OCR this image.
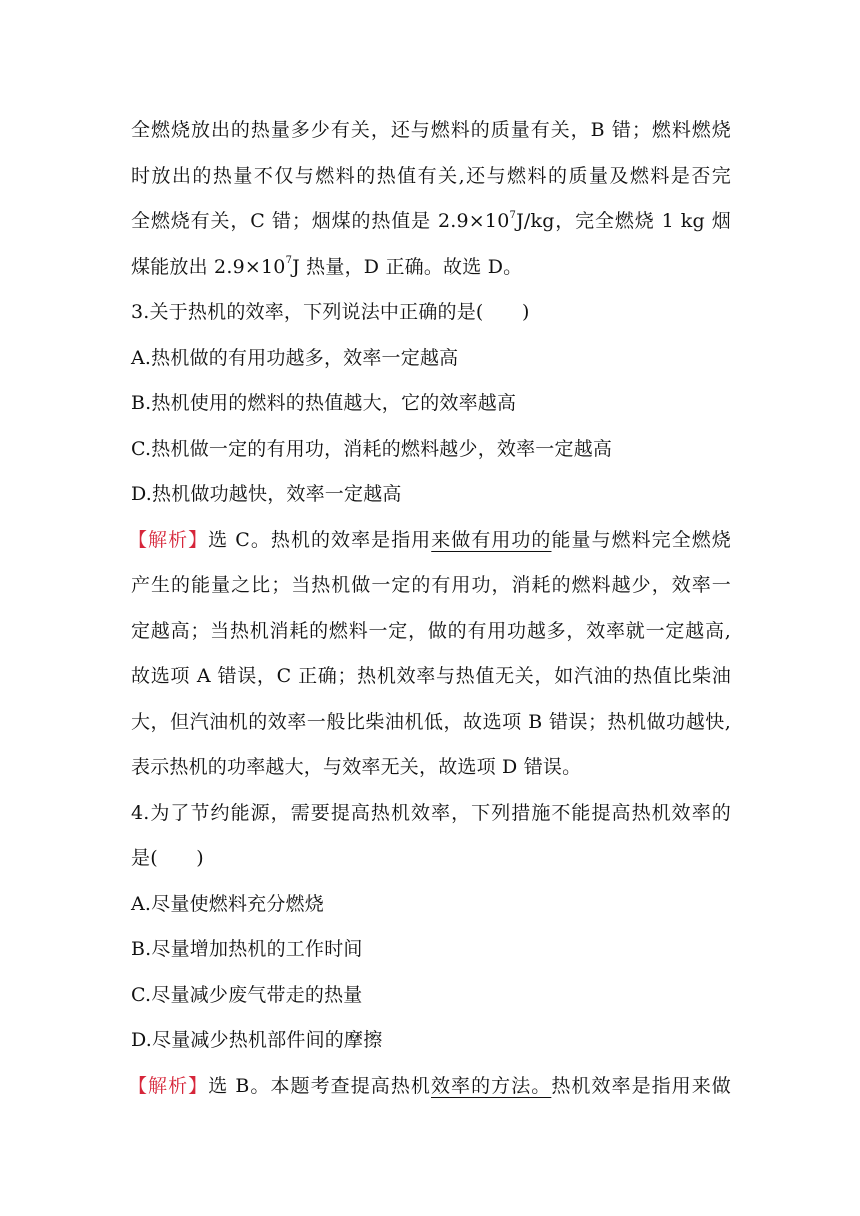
全燃烧放出的热量多少有关，还与燃料的质量有关，B 错；燃料燃烧
时放出的热量不仅与燃料的热值有关,还与燃料的质量及燃料是否完
全燃烧有关，C 错；烟煤的热值是 $2.9\times 10^7J/kg$，完全燃烧 1 kg 烟
煤能放出 $2.9\times 10^7J$ 热量，D 正确。故选 D。
3.关于热机的效率，下列说法中正确的是(　　)
A.热机做的有用功越多，效率一定越高
B.热机使用的燃料的热值越大，它的效率越高
C.热机做一定的有用功，消耗的燃料越少，效率一定越高
D.热机做功越快，效率一定越高
【解析】选 C。热机的效率是指用来做有用功的能量与燃料完全燃烧
产生的能量之比；当热机做一定的有用功，消耗的燃料越少，效率一
定越高；当热机消耗的燃料一定，做的有用功越多，效率就一定越高,
故选项 A 错误，C 正确；热机效率与热值无关，如汽油的热值比柴油
大，但汽油机的效率一般比柴油机低，故选项 B 错误；热机做功越快,
表示热机的功率越大，与效率无关，故选项 D 错误。
4.为了节约能源，需要提高热机效率，下列措施不能提高热机效率的
是(　　)
A.尽量使燃料充分燃烧
B.尽量增加热机的工作时间
C.尽量减少废气带走的热量
D.尽量减少热机部件间的摩擦
【解析】选 B。本题考查提高热机效率的方法。热机效率是指用来做
